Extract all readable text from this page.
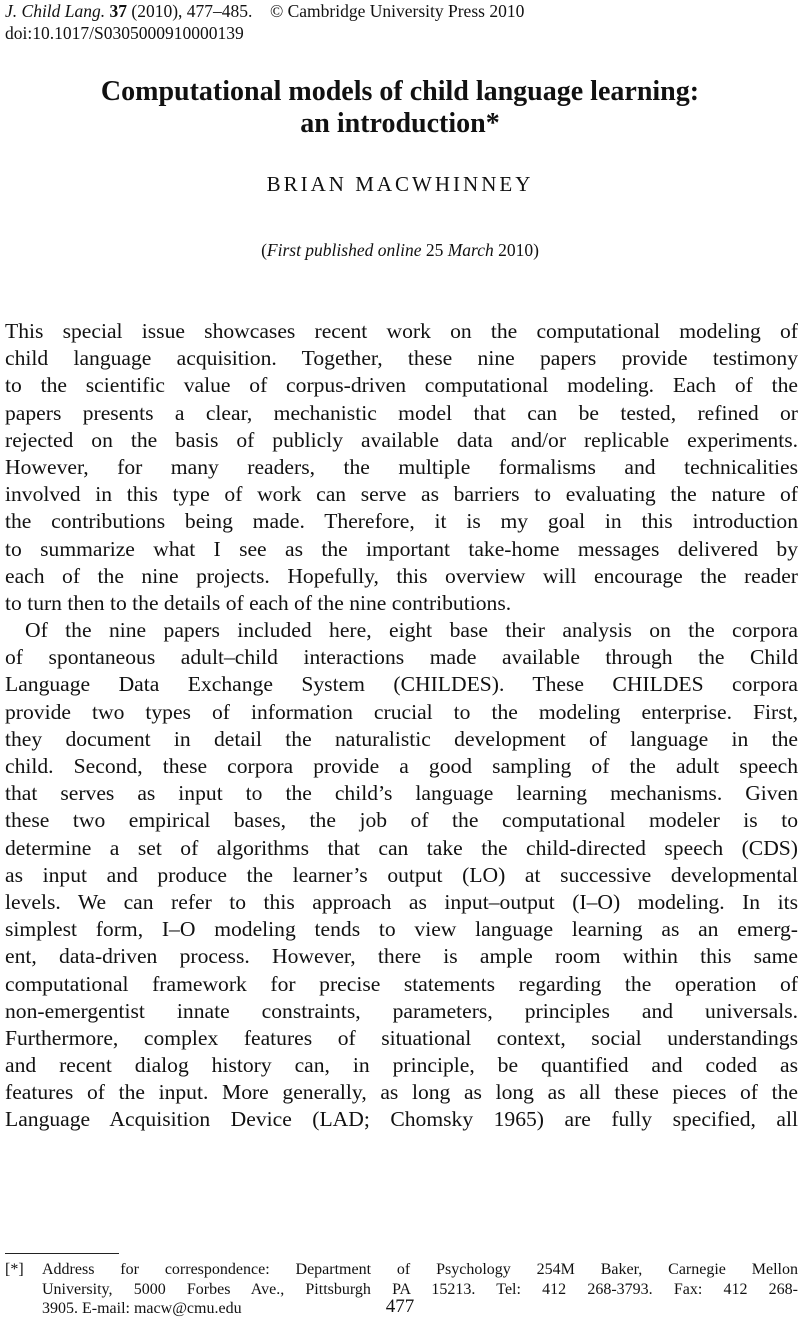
J. Child Lang. 37 (2010), 477–485. © Cambridge University Press 2010
doi:10.1017/S0305000910000139
Computational models of child language learning:
an introduction*
BRIAN MACWHINNEY
(First published online 25 March 2010)
This special issue showcases recent work on the computational modeling of
child language acquisition. Together, these nine papers provide testimony
to the scientific value of corpus-driven computational modeling. Each of the
papers presents a clear, mechanistic model that can be tested, refined or
rejected on the basis of publicly available data and/or replicable experiments.
However, for many readers, the multiple formalisms and technicalities
involved in this type of work can serve as barriers to evaluating the nature of
the contributions being made. Therefore, it is my goal in this introduction
to summarize what I see as the important take-home messages delivered by
each of the nine projects. Hopefully, this overview will encourage the reader
to turn then to the details of each of the nine contributions.
Of the nine papers included here, eight base their analysis on the corpora
of spontaneous adult–child interactions made available through the Child
Language Data Exchange System (CHILDES). These CHILDES corpora
provide two types of information crucial to the modeling enterprise. First,
they document in detail the naturalistic development of language in the
child. Second, these corpora provide a good sampling of the adult speech
that serves as input to the child’s language learning mechanisms. Given
these two empirical bases, the job of the computational modeler is to
determine a set of algorithms that can take the child-directed speech (CDS)
as input and produce the learner’s output (LO) at successive developmental
levels. We can refer to this approach as input–output (I–O) modeling. In its
simplest form, I–O modeling tends to view language learning as an emerg-
ent, data-driven process. However, there is ample room within this same
computational framework for precise statements regarding the operation of
non-emergentist innate constraints, parameters, principles and universals.
Furthermore, complex features of situational context, social understandings
and recent dialog history can, in principle, be quantified and coded as
features of the input. More generally, as long as long as all these pieces of the
Language Acquisition Device (LAD; Chomsky 1965) are fully specified, all
[*] Address for correspondence: Department of Psychology 254M Baker, Carnegie Mellon
University, 5000 Forbes Ave., Pittsburgh PA 15213. Tel: 412 268-3793. Fax: 412 268-
3905. E-mail: macw@cmu.edu	477
